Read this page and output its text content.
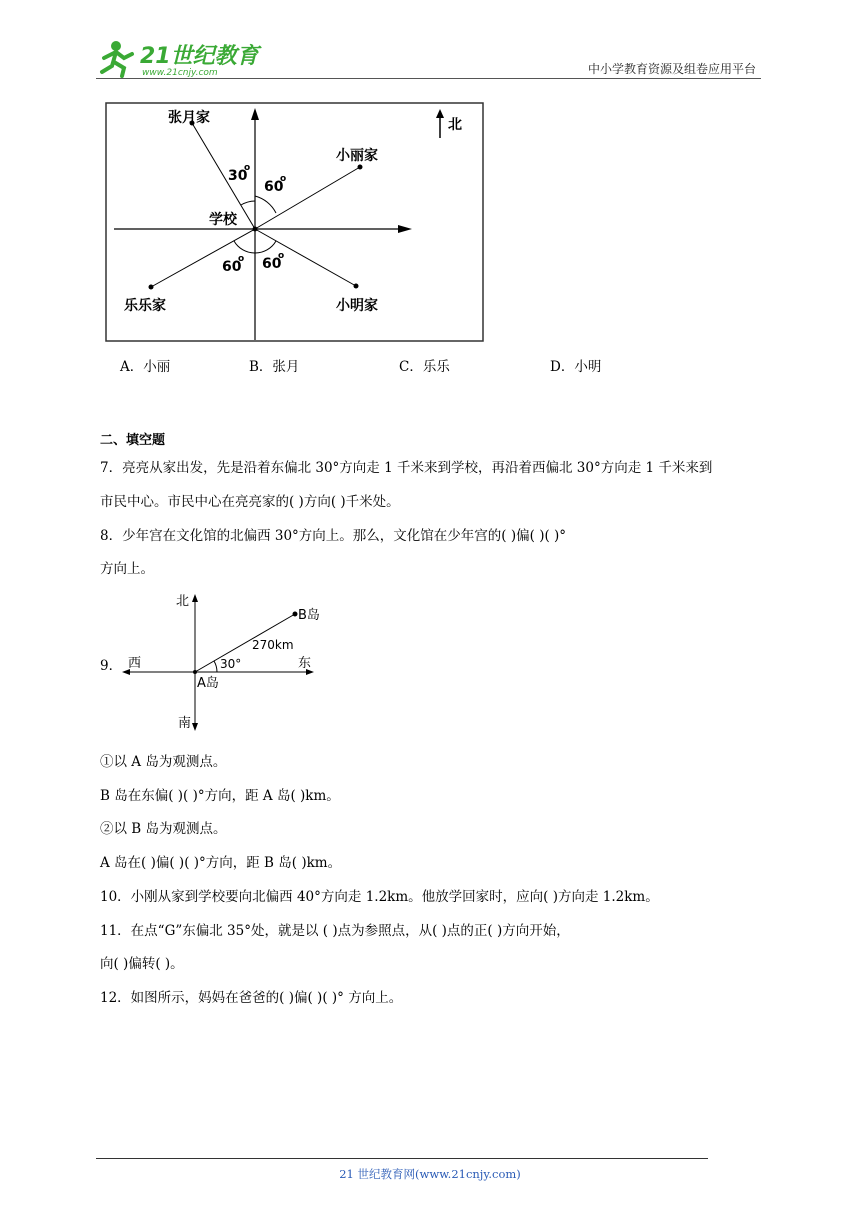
21世纪教育
www.21cnjy.com	中小学教育资源及组卷应用平台
北
张月家
小丽家
学校
乐乐家	小明家
30
o
60
o
60
o 60
o
A．小丽	B．张月	C．乐乐	D．小明
二、填空题
7．亮亮从家出发，先是沿着东偏北 30°方向走 1 千米来到学校，再沿着西偏北 30°方向走 1 千米来到
市民中心。市民中心在亮亮家的( )方向( )千米处。
8．少年宫在文化馆的北偏西 30°方向上。那么，文化馆在少年宫的( )偏( )( )°
方向上。
9．
北
南
东
西
A岛
B岛
270km
30°
①以 A 岛为观测点。
B 岛在东偏( )( )°方向，距 A 岛( )km。
②以 B 岛为观测点。
A 岛在( )偏( )( )°方向，距 B 岛( )km。
10．小刚从家到学校要向北偏西 40°方向走 1.2km。他放学回家时，应向( )方向走 1.2km。
11．在点“G”东偏北 35°处，就是以 ( )点为参照点，从( )点的正( )方向开始，
向( )偏转( )。
12．如图所示，妈妈在爸爸的( )偏( )( )° 方向上。
21 世纪教育网(www.21cnjy.com)
